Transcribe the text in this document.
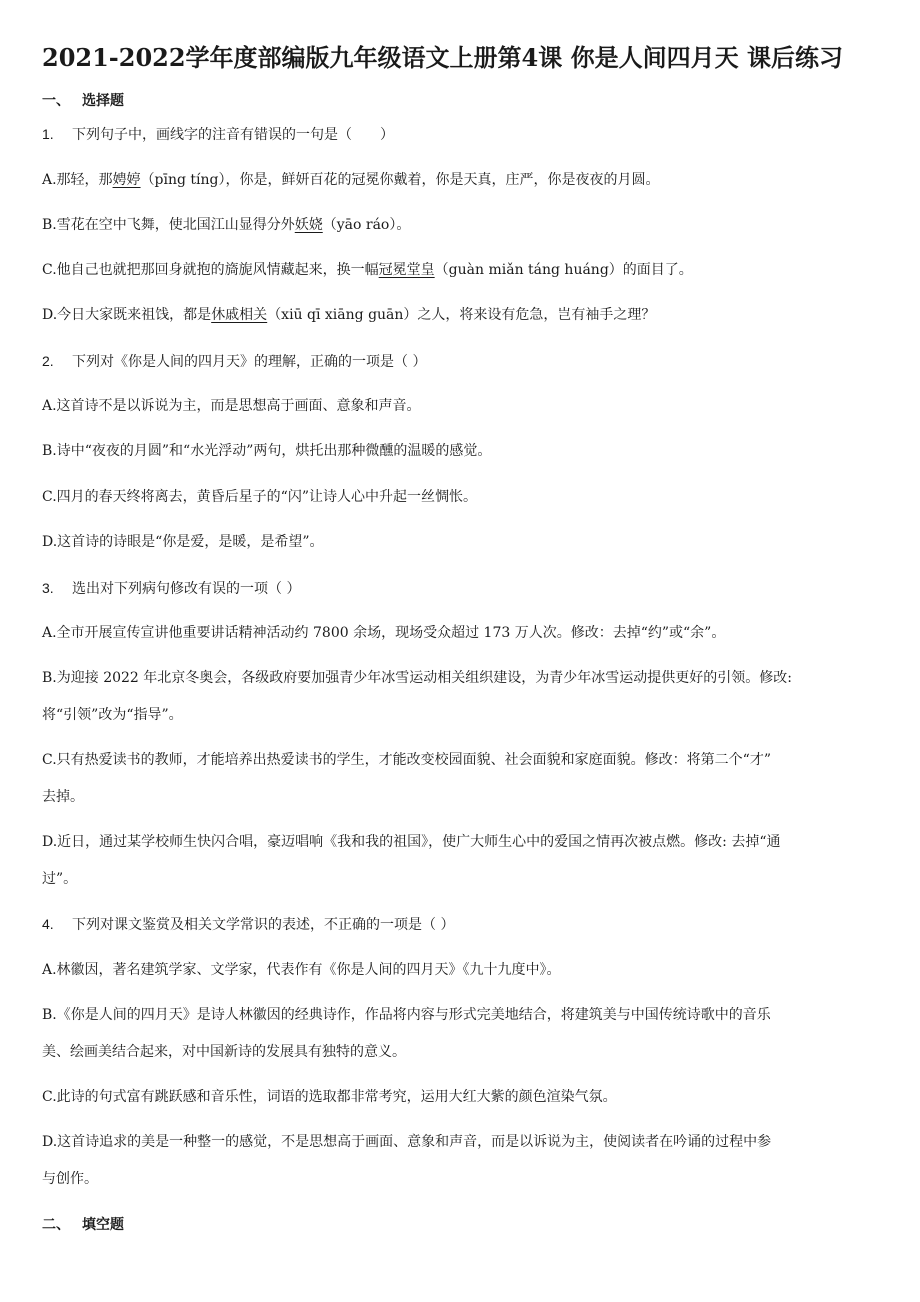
2021-2022学年度部编版九年级语文上册第4课 你是人间四月天 课后练习
一、 选择题
1. 下列句子中，画线字的注音有错误的一句是（　　）
A.那轻，那娉婷（pīng tíng），你是，鲜妍百花的冠冕你戴着，你是天真，庄严，你是夜夜的月圆。
B.雪花在空中飞舞，使北国江山显得分外妖娆（yāo ráo）。
C.他自己也就把那回身就抱的旖旎风情藏起来，换一幅冠冕堂皇（guàn miǎn táng huáng）的面目了。
D.今日大家既来祖饯，都是休戚相关（xiū qī xiāng guān）之人，将来设有危急，岂有袖手之理？
2. 下列对《你是人间的四月天》的理解，正确的一项是（ ）
A.这首诗不是以诉说为主，而是思想高于画面、意象和声音。
B.诗中“夜夜的月圆”和“水光浮动”两句，烘托出那种微醺的温暖的感觉。
C.四月的春天终将离去，黄昏后星子的“闪”让诗人心中升起一丝惆怅。
D.这首诗的诗眼是“你是爱，是暖，是希望”。
3. 选出对下列病句修改有误的一项（ ）
A.全市开展宣传宣讲他重要讲话精神活动约 7800 余场，现场受众超过 173 万人次。修改：去掉“约”或“余”。
B.为迎接 2022 年北京冬奥会，各级政府要加强青少年冰雪运动相关组织建设，为青少年冰雪运动提供更好的引领。修改:
将“引领”改为“指导”。
C.只有热爱读书的教师，才能培养出热爱读书的学生，才能改变校园面貌、社会面貌和家庭面貌。修改：将第二个“才”
去掉。
D.近日，通过某学校师生快闪合唱，豪迈唱响《我和我的祖国》，使广大师生心中的爱国之情再次被点燃。修改: 去掉“通
过”。
4. 下列对课文鉴赏及相关文学常识的表述，不正确的一项是（ ）
A.林徽因，著名建筑学家、文学家，代表作有《你是人间的四月天》《九十九度中》。
B.《你是人间的四月天》是诗人林徽因的经典诗作，作品将内容与形式完美地结合，将建筑美与中国传统诗歌中的音乐
美、绘画美结合起来，对中国新诗的发展具有独特的意义。
C.此诗的句式富有跳跃感和音乐性，词语的选取都非常考究，运用大红大紫的颜色渲染气氛。
D.这首诗追求的美是一种整一的感觉，不是思想高于画面、意象和声音，而是以诉说为主，使阅读者在吟诵的过程中参
与创作。
二、 填空题
